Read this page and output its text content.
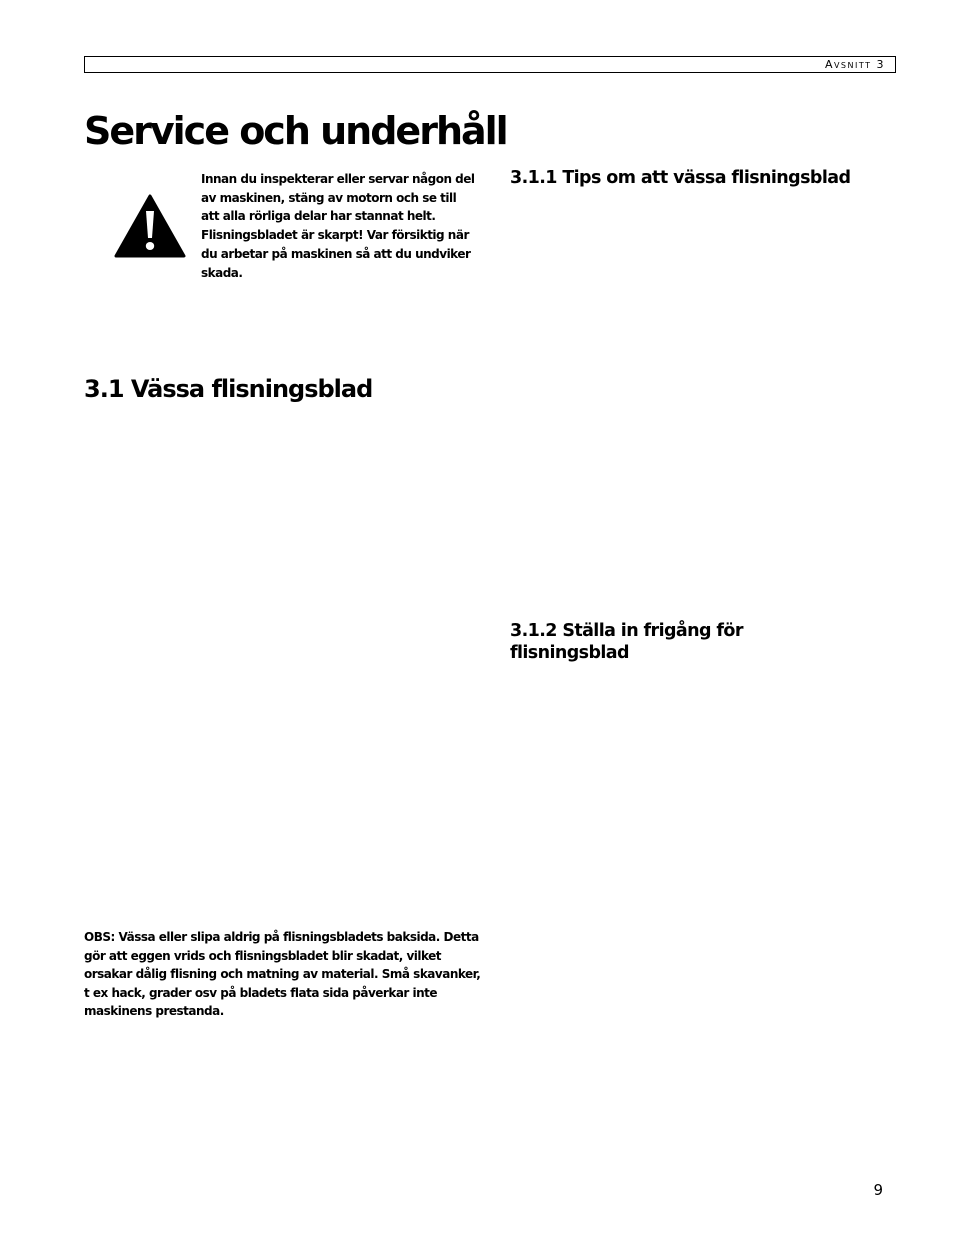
Avsnitt 3
Service och underhåll

Innan du inspekterar eller servar någon del av maskinen, stäng av motorn och se till att alla rörliga delar har stannat helt. Flisningsbladet är skarpt! Var försiktig när du arbetar på maskinen så att du undviker skada.

3.1.1 Tips om att vässa flisningsblad
3.1 Vässa flisningsblad
3.1.2 Ställa in frigång för flisningsblad

OBS: Vässa eller slipa aldrig på flisningsbladets baksida. Detta gör att eggen vrids och flisningsbladet blir skadat, vilket orsakar dålig flisning och matning av material. Små skavanker, t ex hack, grader osv på bladets flata sida påverkar inte maskinens prestanda.

9
